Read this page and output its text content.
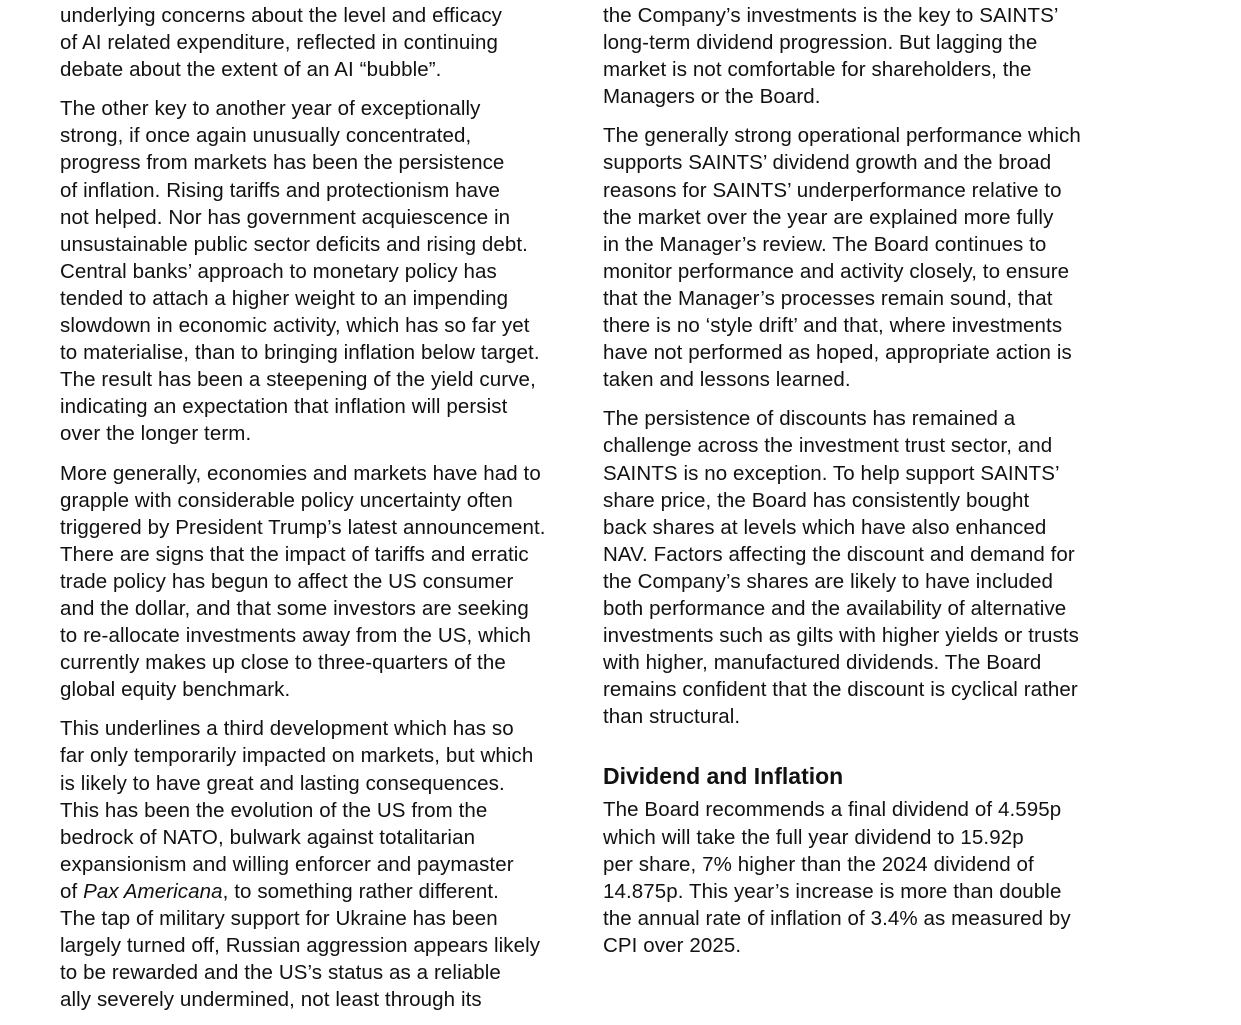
underlying concerns about the level and efficacy
of AI related expenditure, reflected in continuing
debate about the extent of an AI “bubble”.

The other key to another year of exceptionally
strong, if once again unusually concentrated,
progress from markets has been the persistence
of inflation. Rising tariffs and protectionism have
not helped. Nor has government acquiescence in
unsustainable public sector deficits and rising debt.
Central banks’ approach to monetary policy has
tended to attach a higher weight to an impending
slowdown in economic activity, which has so far yet
to materialise, than to bringing inflation below target.
The result has been a steepening of the yield curve,
indicating an expectation that inflation will persist
over the longer term.

More generally, economies and markets have had to
grapple with considerable policy uncertainty often
triggered by President Trump’s latest announcement.
There are signs that the impact of tariffs and erratic
trade policy has begun to affect the US consumer
and the dollar, and that some investors are seeking
to re-allocate investments away from the US, which
currently makes up close to three-quarters of the
global equity benchmark.

This underlines a third development which has so
far only temporarily impacted on markets, but which
is likely to have great and lasting consequences.
This has been the evolution of the US from the
bedrock of NATO, bulwark against totalitarian
expansionism and willing enforcer and paymaster
of Pax Americana, to something rather different.
The tap of military support for Ukraine has been
largely turned off, Russian aggression appears likely
to be rewarded and the US’s status as a reliable
ally severely undermined, not least through its

the Company’s investments is the key to SAINTS’
long-term dividend progression. But lagging the
market is not comfortable for shareholders, the
Managers or the Board.

The generally strong operational performance which
supports SAINTS’ dividend growth and the broad
reasons for SAINTS’ underperformance relative to
the market over the year are explained more fully
in the Manager’s review. The Board continues to
monitor performance and activity closely, to ensure
that the Manager’s processes remain sound, that
there is no ‘style drift’ and that, where investments
have not performed as hoped, appropriate action is
taken and lessons learned.

The persistence of discounts has remained a
challenge across the investment trust sector, and
SAINTS is no exception. To help support SAINTS’
share price, the Board has consistently bought
back shares at levels which have also enhanced
NAV. Factors affecting the discount and demand for
the Company’s shares are likely to have included
both performance and the availability of alternative
investments such as gilts with higher yields or trusts
with higher, manufactured dividends. The Board
remains confident that the discount is cyclical rather
than structural.

Dividend and Inflation

The Board recommends a final dividend of 4.595p
which will take the full year dividend to 15.92p
per share, 7% higher than the 2024 dividend of
14.875p. This year’s increase is more than double
the annual rate of inflation of 3.4% as measured by
CPI over 2025.
